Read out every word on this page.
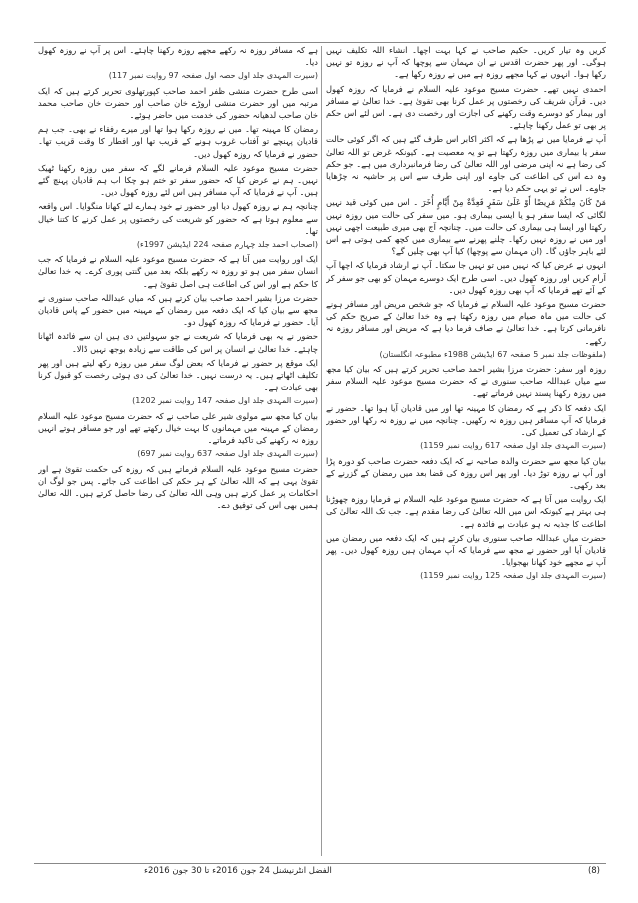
کریں وہ تیار کریں۔ حکیم صاحب نے کہا بہت اچھا۔ انشاء اللہ تکلیف نہیں ہوگی۔ اور پھر حضرت اقدس نے ان مہمان سے پوچھا کہ آپ نے روزہ تو نہیں رکھا ہوا۔ انہوں نے کہا مجھے روزہ ہے میں نے روزہ رکھا ہے۔

احمدی نہیں تھے۔ حضرت مسیح موعود علیہ السلام نے فرمایا کہ روزہ کھول دیں۔ قرآن شریف کی رخصتوں پر عمل کرنا بھی تقویٰ ہے۔ خدا تعالیٰ نے مسافر اور بیمار کو دوسرے وقت رکھنے کی اجازت اور رخصت دی ہے۔ اس لئے اس حکم پر بھی تو عمل رکھنا چاہئے۔

آپ نے فرمایا میں نے پڑھا ہے کہ اکثر اکابر اس طرف گئے ہیں کہ اگر کوئی حالت سفر یا بیماری میں روزہ رکھتا ہے تو یہ معصیت ہے۔ کیونکہ غرض تو اللہ تعالیٰ کی رضا ہے نہ اپنی مرضی اور اللہ تعالیٰ کی رضا فرمانبرداری میں ہے۔ جو حکم وہ دے اس کی اطاعت کی جاوے اور اپنی طرف سے اس پر حاشیہ نہ چڑھایا جاوے۔ اس نے تو یہی حکم دیا ہے۔

مَنْ كَانَ مِنْكُمْ مَرِيضًا أَوْ عَلَىٰ سَفَرٍ فَعِدَّةٌ مِنْ أَيَّامٍ أُخَرَ ۔ اس میں کوئی قید نہیں لگائی کہ ایسا سفر ہو یا ایسی بیماری ہو۔ میں سفر کی حالت میں روزہ نہیں رکھتا اور ایسا ہی بیماری کی حالت میں۔ چنانچہ آج بھی میری طبیعت اچھی نہیں اور میں نے روزہ نہیں رکھا۔ چلنے پھرنے سے بیماری میں کچھ کمی ہوتی ہے اس لئے باہر جاؤں گا۔ (ان مہمان سے پوچھا) کیا آپ بھی چلیں گے؟

انہوں نے عرض کیا کہ نہیں میں تو نہیں جا سکتا۔ آپ نے ارشاد فرمایا کہ اچھا آپ آرام کریں اور روزہ کھول دیں۔ اسی طرح ایک دوسرے مہمان کو بھی جو سفر کر کے آئے تھے فرمایا کہ آپ بھی روزہ کھول دیں۔

حضرت مسیح موعود علیہ السلام نے فرمایا کہ جو شخص مریض اور مسافر ہونے کی حالت میں ماہ صیام میں روزہ رکھتا ہے وہ خدا تعالیٰ کے صریح حکم کی نافرمانی کرتا ہے۔ خدا تعالیٰ نے صاف فرما دیا ہے کہ مریض اور مسافر روزہ نہ رکھے۔

(ملفوظات جلد نمبر 5 صفحہ 67 ایڈیشن 1988ء مطبوعہ انگلستان)

روزہ اور سفر: حضرت مرزا بشیر احمد صاحب تحریر کرتے ہیں کہ بیان کیا مجھ سے میاں عبداللہ صاحب سنوری نے کہ حضرت مسیح موعود علیہ السلام سفر میں روزہ رکھنا پسند نہیں فرماتے تھے۔

ایک دفعہ کا ذکر ہے کہ رمضان کا مہینہ تھا اور میں قادیان آیا ہوا تھا۔ حضور نے فرمایا کہ آپ مسافر ہیں روزہ نہ رکھیں۔ چنانچہ میں نے روزہ نہ رکھا اور حضور کے ارشاد کی تعمیل کی۔

(سیرت المہدی جلد اول صفحہ 617 روایت نمبر 1159)

بیان کیا مجھ سے حضرت والدہ صاحبہ نے کہ ایک دفعہ حضرت صاحب کو دورہ پڑا اور آپ نے روزہ توڑ دیا۔ اور پھر اس روزہ کی قضا بعد میں رمضان کے گزرنے کے بعد رکھی۔

ایک روایت میں آتا ہے کہ حضرت مسیح موعود علیہ السلام نے فرمایا روزہ چھوڑنا ہی بہتر ہے کیونکہ اس میں اللہ تعالیٰ کی رضا مقدم ہے۔ جب تک اللہ تعالیٰ کی اطاعت کا جذبہ نہ ہو عبادت بے فائدہ ہے۔

حضرت میاں عبداللہ صاحب سنوری بیان کرتے ہیں کہ ایک دفعہ میں رمضان میں قادیان آیا اور حضور نے مجھ سے فرمایا کہ آپ مہمان ہیں روزہ کھول دیں۔ پھر آپ نے مجھے خود کھانا بھجوایا۔

(سیرت المہدی جلد اول صفحہ 125 روایت نمبر 1159)

ہے کہ مسافر روزہ نہ رکھے مجھے روزہ رکھنا چاہئے۔ اس پر آپ نے روزہ کھول دیا۔

(سیرت المہدی جلد اول حصہ اول صفحہ 97 روایت نمبر 117)

اسی طرح حضرت منشی ظفر احمد صاحب کپورتھلوی تحریر کرتے ہیں کہ ایک مرتبہ میں اور حضرت منشی اروڑے خان صاحب اور حضرت خان صاحب محمد خان صاحب لدھیانہ حضور کی خدمت میں حاضر ہوئے۔

رمضان کا مہینہ تھا۔ میں نے روزہ رکھا ہوا تھا اور میرے رفقاء نے بھی۔ جب ہم قادیان پہنچے تو آفتاب غروب ہونے کے قریب تھا اور افطار کا وقت قریب تھا۔ حضور نے فرمایا کہ روزہ کھول دیں۔

حضرت مسیح موعود علیہ السلام فرمانے لگے کہ سفر میں روزہ رکھنا ٹھیک نہیں۔ ہم نے عرض کیا کہ حضور سفر تو ختم ہو چکا اب ہم قادیان پہنچ گئے ہیں۔ آپ نے فرمایا کہ آپ مسافر ہیں اس لئے روزہ کھول دیں۔

چنانچہ ہم نے روزہ کھول دیا اور حضور نے خود ہمارے لئے کھانا منگوایا۔ اس واقعہ سے معلوم ہوتا ہے کہ حضور کو شریعت کی رخصتوں پر عمل کرنے کا کتنا خیال تھا۔

(اصحاب احمد جلد چہارم صفحہ 224 ایڈیشن 1997ء)

ایک اور روایت میں آتا ہے کہ حضرت مسیح موعود علیہ السلام نے فرمایا کہ جب انسان سفر میں ہو تو روزہ نہ رکھے بلکہ بعد میں گنتی پوری کرے۔ یہ خدا تعالیٰ کا حکم ہے اور اس کی اطاعت ہی اصل تقویٰ ہے۔

حضرت مرزا بشیر احمد صاحب بیان کرتے ہیں کہ میاں عبداللہ صاحب سنوری نے مجھ سے بیان کیا کہ ایک دفعہ میں رمضان کے مہینہ میں حضور کے پاس قادیان آیا۔ حضور نے فرمایا کہ روزہ کھول دو۔

حضور نے یہ بھی فرمایا کہ شریعت نے جو سہولتیں دی ہیں ان سے فائدہ اٹھانا چاہئے۔ خدا تعالیٰ نے انسان پر اس کی طاقت سے زیادہ بوجھ نہیں ڈالا۔

ایک موقع پر حضور نے فرمایا کہ بعض لوگ سفر میں روزہ رکھ لیتے ہیں اور پھر تکلیف اٹھاتے ہیں۔ یہ درست نہیں۔ خدا تعالیٰ کی دی ہوئی رخصت کو قبول کرنا بھی عبادت ہے۔

(سیرت المہدی جلد اول صفحہ 147 روایت نمبر 1202)

بیان کیا مجھ سے مولوی شیر علی صاحب نے کہ حضرت مسیح موعود علیہ السلام رمضان کے مہینہ میں مہمانوں کا بہت خیال رکھتے تھے اور جو مسافر ہوتے انہیں روزہ نہ رکھنے کی تاکید فرماتے۔

(سیرت المہدی جلد اول صفحہ 637 روایت نمبر 697)

حضرت مسیح موعود علیہ السلام فرماتے ہیں کہ روزہ کی حکمت تقویٰ ہے اور تقویٰ یہی ہے کہ اللہ تعالیٰ کے ہر حکم کی اطاعت کی جائے۔ پس جو لوگ ان احکامات پر عمل کرتے ہیں وہی اللہ تعالیٰ کی رضا حاصل کرتے ہیں۔ اللہ تعالیٰ ہمیں بھی اس کی توفیق دے۔

الفضل انٹرنیشنل 24 جون 2016ء تا 30 جون 2016ء	(8)
